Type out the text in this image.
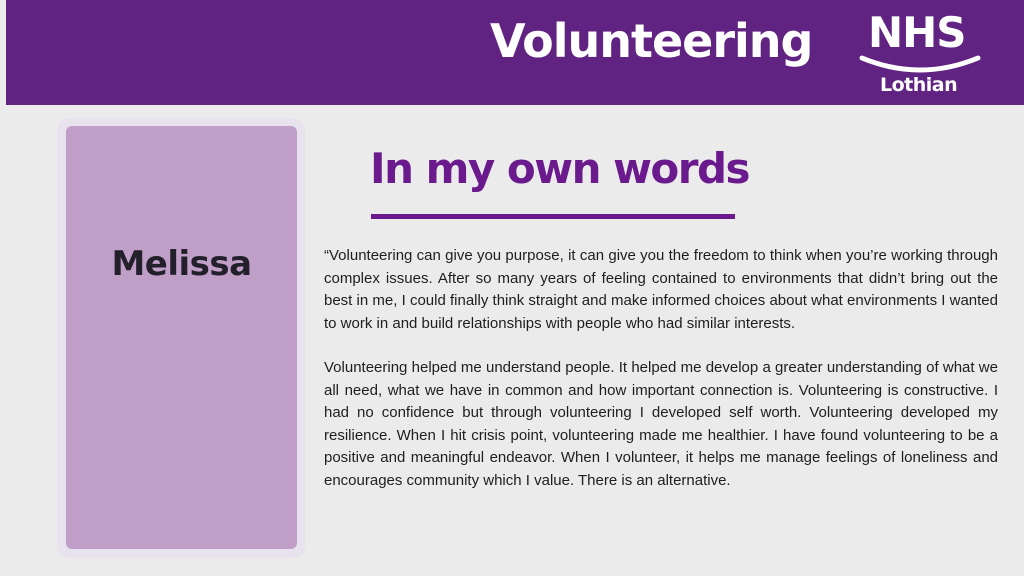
Volunteering NHS
Lothian
Melissa
In my own words

“Volunteering can give you purpose, it can give you the freedom to think when you’re working through complex issues. After so many years of feeling contained to environments that didn’t bring out the best in me, I could finally think straight and make informed choices about what environments I wanted to work in and build relationships with people who had similar interests.

Volunteering helped me understand people. It helped me develop a greater understanding of what we all need, what we have in common and how important connection is. Volunteering is constructive. I had no confidence but through volunteering I developed self worth. Volunteering developed my resilience. When I hit crisis point, volunteering made me healthier. I have found volunteering to be a positive and meaningful endeavor. When I volunteer, it helps me manage feelings of loneliness and encourages community which I value. There is an alternative.
